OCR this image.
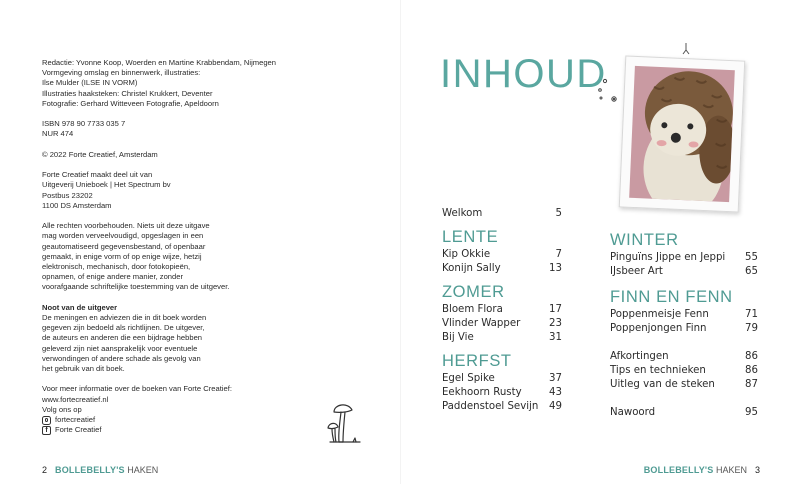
Redactie: Yvonne Koop, Woerden en Martine Krabbendam, Nijmegen

Vormgeving omslag en binnenwerk, illustraties:

Ilse Mulder (ILSE IN VORM)

Illustraties haaksteken: Christel Krukkert, Deventer

Fotografie: Gerhard Witteveen Fotografie, Apeldoorn

ISBN 978 90 7733 035 7

NUR 474

© 2022 Forte Creatief, Amsterdam

Forte Creatief maakt deel uit van

Uitgeverij Unieboek | Het Spectrum bv

Postbus 23202

1100 DS Amsterdam

Alle rechten voorbehouden. Niets uit deze uitgave

mag worden verveelvoudigd, opgeslagen in een

geautomatiseerd gegevensbestand, of openbaar

gemaakt, in enige vorm of op enige wijze, hetzij

elektronisch, mechanisch, door fotokopieën,

opnamen, of enige andere manier, zonder

voorafgaande schriftelijke toestemming van de uitgever.

Noot van de uitgever

De meningen en adviezen die in dit boek worden

gegeven zijn bedoeld als richtlijnen. De uitgever,

de auteurs en anderen die een bijdrage hebben

geleverd zijn niet aansprakelijk voor eventuele

verwondingen of andere schade als gevolg van

het gebruik van dit boek.

Voor meer informatie over de boeken van Forte Creatief:

www.fortecreatief.nl

Volg ons op

fortecreatief

f Forte Creatief

2 BOLLEBELLY'S HAKEN
INHOUD
Welkom	5
LENTE
Kip Okkie	7
Konijn Sally	13
ZOMER
Bloem Flora	17
Vlinder Wapper	23
Bij Vie	31
HERFST
Egel Spike	37
Eekhoorn Rusty	43
Paddenstoel Sevijn 49
WINTER
Pinguïns Jippe en Jeppi 55
IJsbeer Art	65
FINN EN FENN
Poppenmeisje Fenn	71
Poppenjongen Finn	79
Afkortingen	86
Tips en technieken	86
Uitleg van de steken	87
Nawoord	95
BOLLEBELLY'S HAKEN 3
